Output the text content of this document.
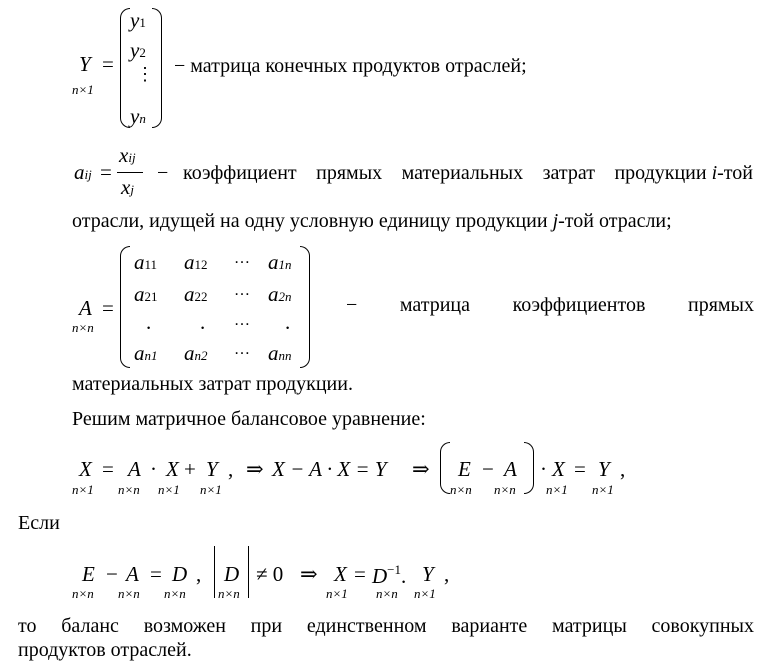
Y
n×1
=
y1
y2
⋮
yn
− матрица конечных продуктов отраслей;
aij =
xij
xj
− коэффициент прямых материальных затрат продукции i-той
отрасли, идущей на одну условную единицу продукции j-той отрасли;
A
n×n
=
a11 a12 … a1n
a21 a22 … a2n
. . … .
an1 an2 … ann
− матрица коэффициентов прямых
материальных затрат продукции.
Решим матричное балансовое уравнение:
X
n×1
= A
n×n
· X
n×1
+ Y
n×1
, ⇒ X − A · X = Y ⇒ E
n×n
− A
n×n
· X
n×1
= Y
n×1
,
Если
E
n×n
− A
n×n
= D
n×n
, D
n×n
≠ 0 ⇒ X
n×1
= $D^{-1}$.
n×n
Y
n×1
,
то баланс возможен при единственном варианте матрицы совокупных
продуктов отраслей.
